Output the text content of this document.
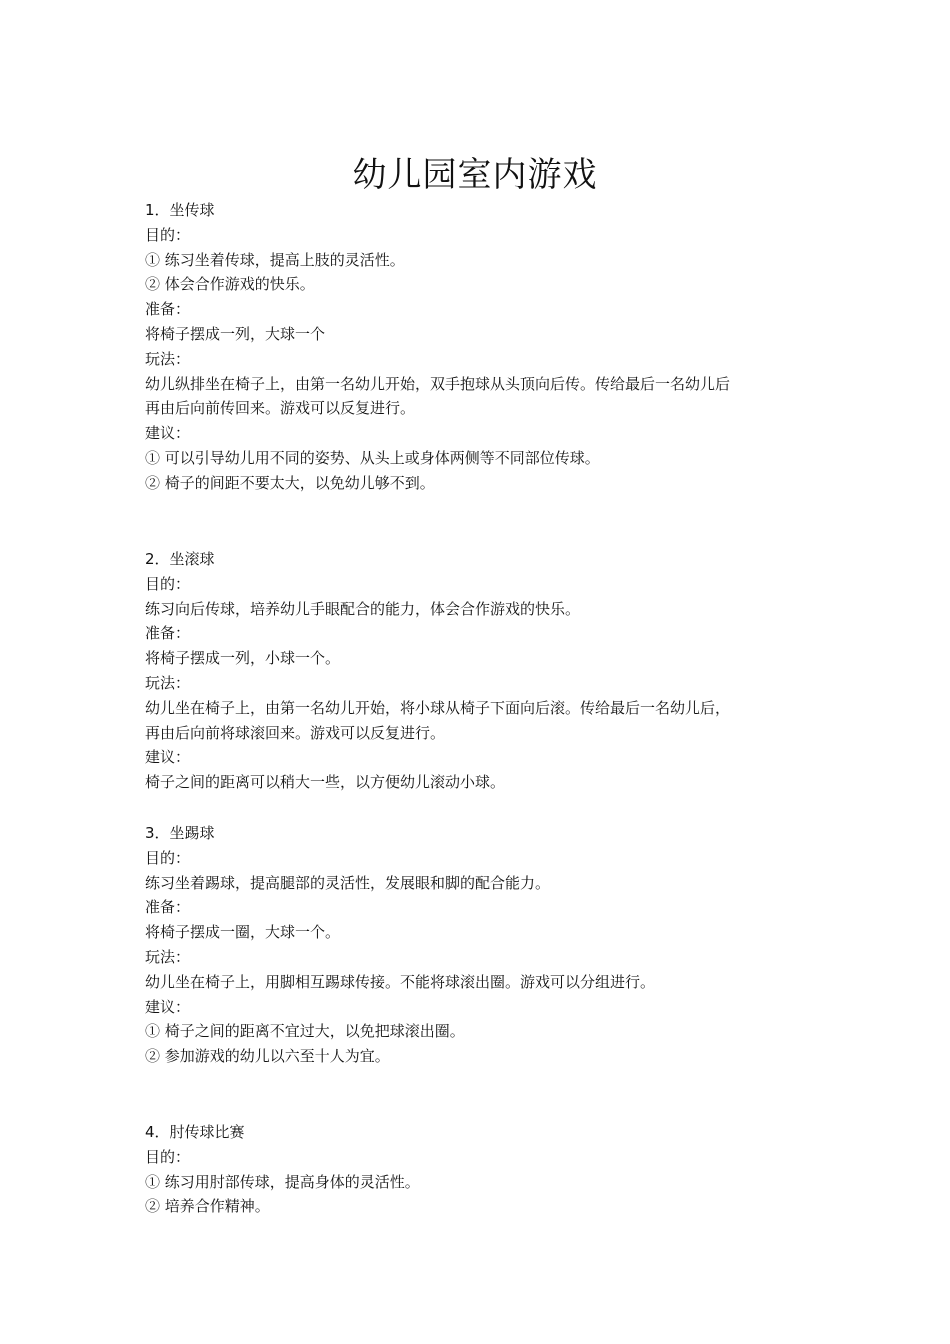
幼儿园室内游戏
1．坐传球
目的：
① 练习坐着传球，提高上肢的灵活性。
② 体会合作游戏的快乐。
准备：
将椅子摆成一列，大球一个
玩法：
幼儿纵排坐在椅子上，由第一名幼儿开始，双手抱球从头顶向后传。传给最后一名幼儿后
再由后向前传回来。游戏可以反复进行。
建议：
① 可以引导幼儿用不同的姿势、从头上或身体两侧等不同部位传球。
② 椅子的间距不要太大，以免幼儿够不到。
2．坐滚球
目的：
练习向后传球，培养幼儿手眼配合的能力，体会合作游戏的快乐。
准备：
将椅子摆成一列，小球一个。
玩法：
幼儿坐在椅子上，由第一名幼儿开始，将小球从椅子下面向后滚。传给最后一名幼儿后，
再由后向前将球滚回来。游戏可以反复进行。
建议：
椅子之间的距离可以稍大一些，以方便幼儿滚动小球。
3．坐踢球
目的：
练习坐着踢球，提高腿部的灵活性，发展眼和脚的配合能力。
准备：
将椅子摆成一圈，大球一个。
玩法：
幼儿坐在椅子上，用脚相互踢球传接。不能将球滚出圈。游戏可以分组进行。
建议：
① 椅子之间的距离不宜过大，以免把球滚出圈。
② 参加游戏的幼儿以六至十人为宜。
4．肘传球比赛
目的：
① 练习用肘部传球，提高身体的灵活性。
② 培养合作精神。
